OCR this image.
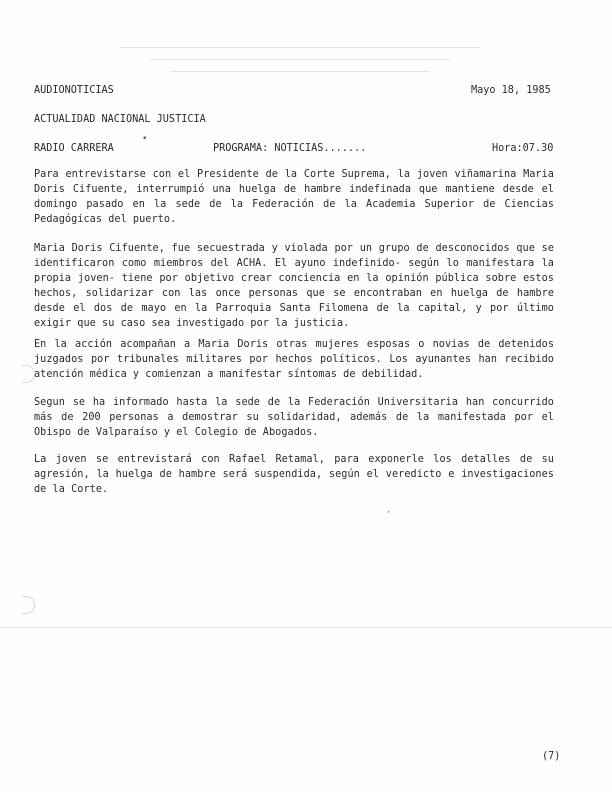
AUDIONOTICIAS	Mayo 18, 1985
ACTUALIDAD NACIONAL JUSTICIA
RADIO CARRERA
•
PROGRAMA: NOTICIAS.......	Hora:07.30
Para entrevistarse con el Presidente de la Corte Suprema, la joven viñamarina Maria Doris Cifuente, interrumpió una huelga de hambre indefinada que mantiene desde el domingo pasado en la sede de la Federación de la Academia Superior de Ciencias Pedagógicas del puerto.
Maria Doris Cifuente, fue secuestrada y violada por un grupo de desconocidos que se identificaron como miembros del ACHA. El ayuno indefinido- según lo manifestara la propia joven- tiene por objetivo crear conciencia en la opinión pública sobre estos hechos, solidarizar con las once personas que se encontraban en huelga de hambre desde el dos de mayo en la Parroquia Santa Filomena de la capital, y por último exigir que su caso sea investigado por la justicia.
En la acción acompañan a Maria Doris otras mujeres esposas o novias de detenidos juzgados por tribunales militares por hechos políticos. Los ayunantes han recibido atención médica y comienzan a manifestar síntomas de debilidad.
Segun se ha informado hasta la sede de la Federación Universitaria han concurrido más de 200 personas a demostrar su solidaridad, además de la manifestada por el Obispo de Valparaíso y el Colegio de Abogados.
La joven se entrevistará con Rafael Retamal, para exponerle los detalles de su agresión, la huelga de hambre será suspendida, según el veredicto e investigaciones de la Corte.
·
(7)
